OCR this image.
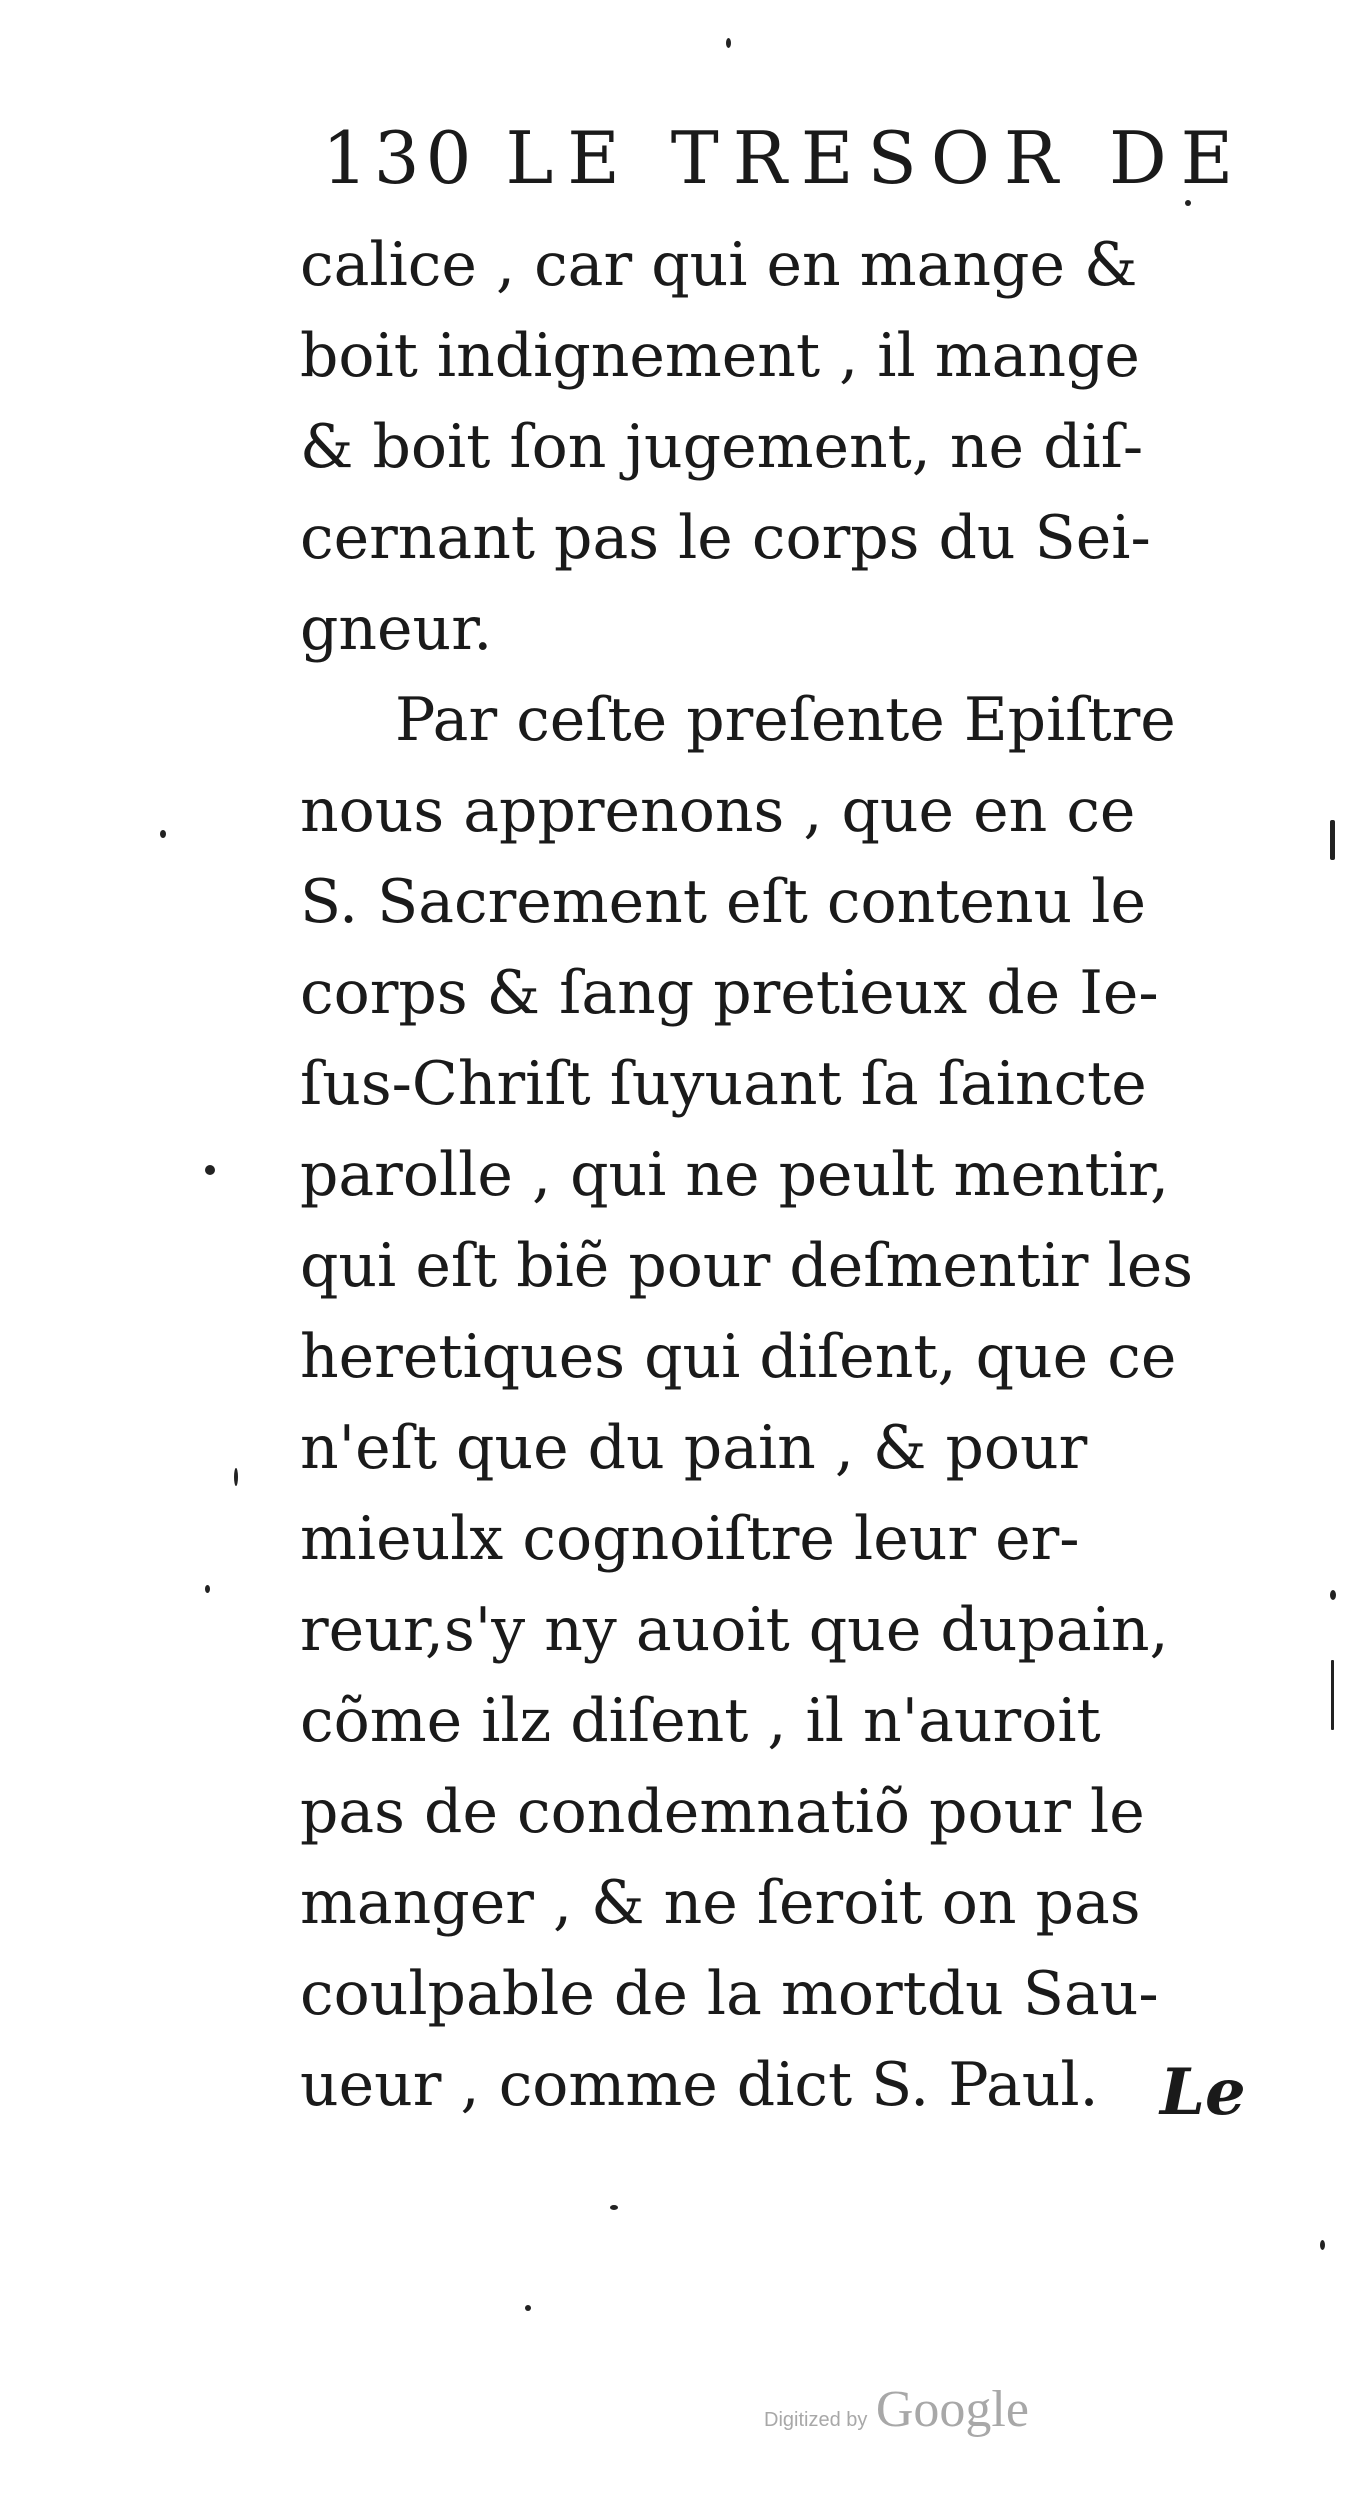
130 LE TRESOR DE
calice , car qui en mange &
boit indignement , il mange
& boit ſon jugement, ne diſ-
cernant pas le corps du Sei-
gneur.
Par ceſte preſente Epiſtre
nous apprenons , que en ce
S. Sacrement eſt contenu le
corps & ſang pretieux de Ie-
ſus-Chriſt ſuyuant ſa ſaincte
parolle , qui ne peult mentir,
qui eſt biẽ pour deſmentir les
heretiques qui diſent, que ce
n'eſt que du pain , & pour
mieulx cognoiſtre leur er-
reur,s'y ny auoit que dupain,
cõme ilz diſent , il n'auroit
pas de condemnatiõ pour le
manger , & ne ſeroit on pas
coulpable de la mortdu Sau-
ueur , comme dict S. Paul. Le
Digitized by Google
